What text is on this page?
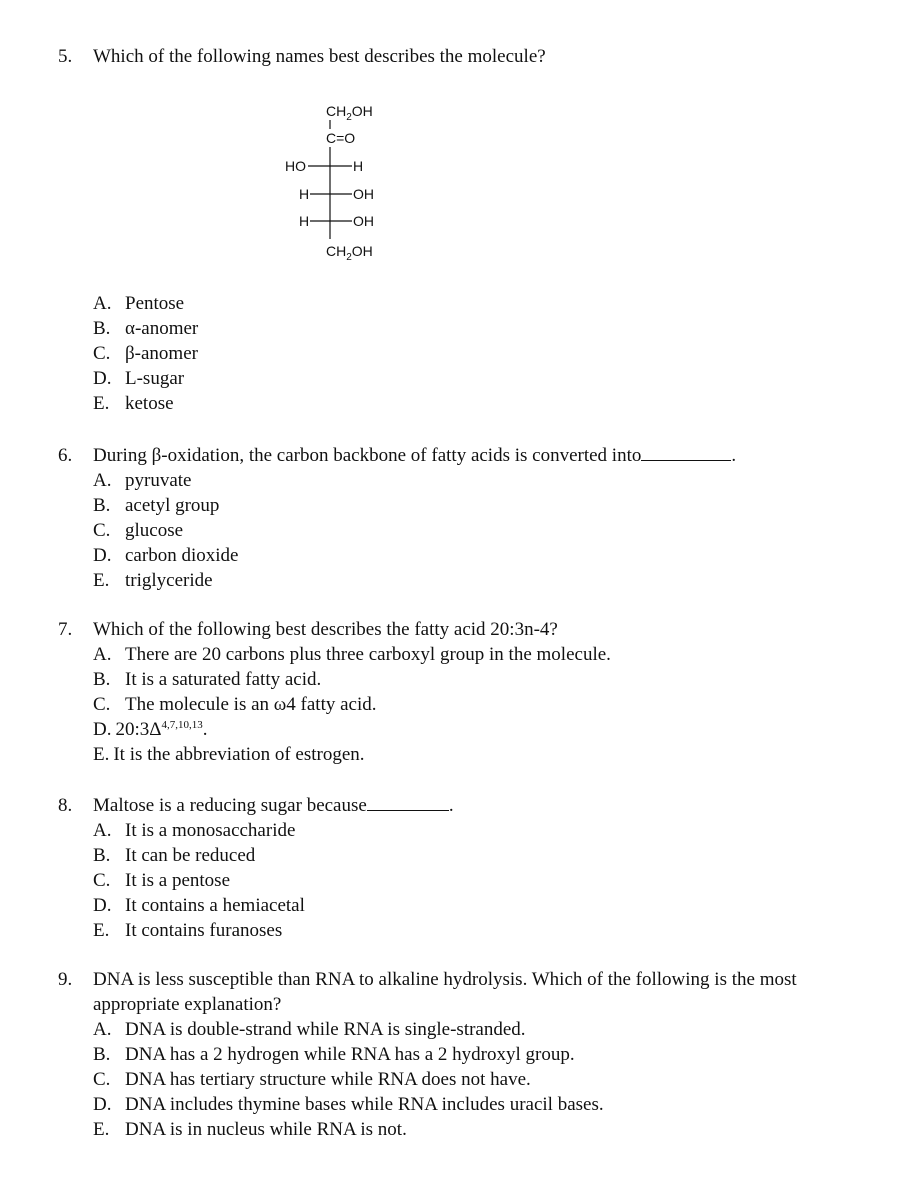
5.	Which of the following names best describes the molecule?
$CH_2OH$
C=O
HO	H
H	OH
H	OH
$CH_2OH$
A. Pentose
B. α-anomer
C. β-anomer
D. L-sugar
E. ketose
6.	During β-oxidation, the carbon backbone of fatty acids is converted into	.
A. pyruvate
B. acetyl group
C. glucose
D. carbon dioxide
E. triglyceride
7.	Which of the following best describes the fatty acid 20:3n-4?
A. There are 20 carbons plus three carboxyl group in the molecule.
B. It is a saturated fatty acid.
C. The molecule is an ω4 fatty acid.
D. $20:3\Delta^{4,7,10,13}$.
E. It is the abbreviation of estrogen.
8.	Maltose is a reducing sugar because	.
A. It is a monosaccharide
B. It can be reduced
C. It is a pentose
D. It contains a hemiacetal
E. It contains furanoses
9.	DNA is less susceptible than RNA to alkaline hydrolysis. Which of the following is the most appropriate explanation?
A. DNA is double-strand while RNA is single-stranded.
B. DNA has a 2 hydrogen while RNA has a 2 hydroxyl group.
C. DNA has tertiary structure while RNA does not have.
D. DNA includes thymine bases while RNA includes uracil bases.
E. DNA is in nucleus while RNA is not.
